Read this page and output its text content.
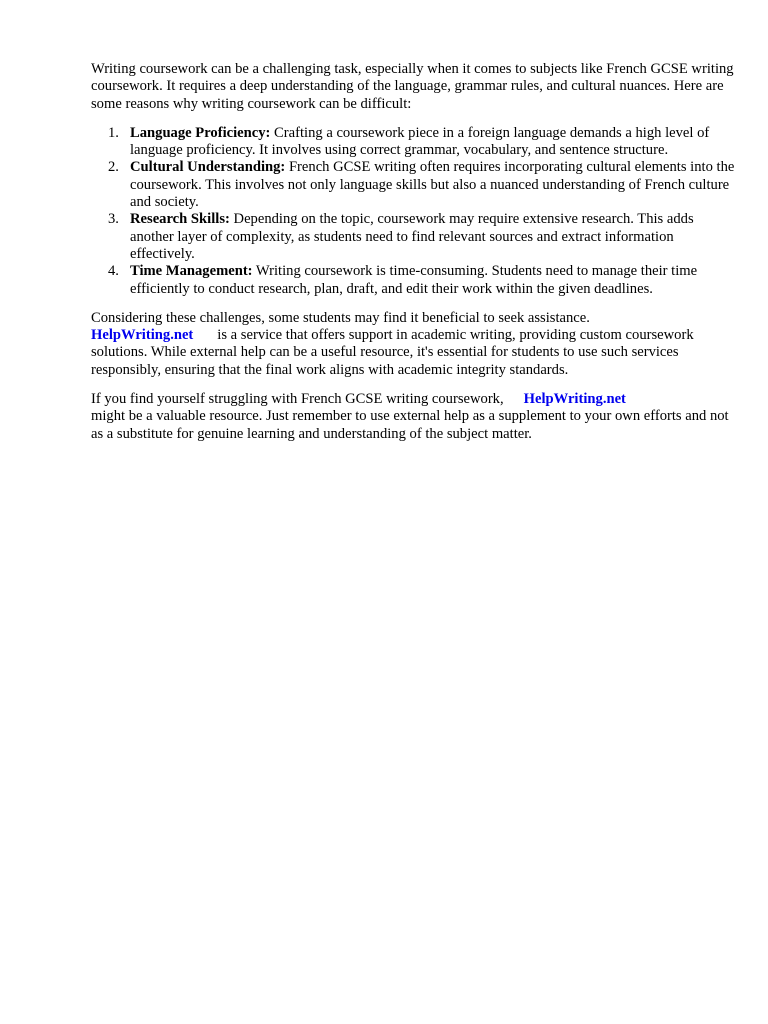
Writing coursework can be a challenging task, especially when it comes to subjects like French GCSE writing coursework. It requires a deep understanding of the language, grammar rules, and cultural nuances. Here are some reasons why writing coursework can be difficult:

1. Language Proficiency: Crafting a coursework piece in a foreign language demands a high level of language proficiency. It involves using correct grammar, vocabulary, and sentence structure.
2. Cultural Understanding: French GCSE writing often requires incorporating cultural elements into the coursework. This involves not only language skills but also a nuanced understanding of French culture and society.
3. Research Skills: Depending on the topic, coursework may require extensive research. This adds another layer of complexity, as students need to find relevant sources and extract information effectively.
4. Time Management: Writing coursework is time-consuming. Students need to manage their time efficiently to conduct research, plan, draft, and edit their work within the given deadlines.

Considering these challenges, some students may find it beneficial to seek assistance.
HelpWriting.net is a service that offers support in academic writing, providing custom coursework solutions. While external help can be a useful resource, it's essential for students to use such services responsibly, ensuring that the final work aligns with academic integrity standards.

If you find yourself struggling with French GCSE writing coursework, HelpWriting.net
might be a valuable resource. Just remember to use external help as a supplement to your own efforts and not as a substitute for genuine learning and understanding of the subject matter.
